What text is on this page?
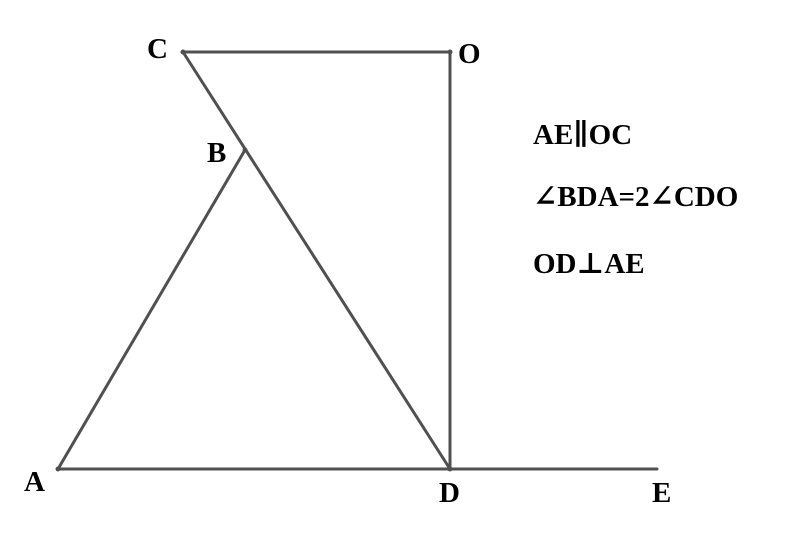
C	O
B
A	D	E
AE∥OC
∠BDA=2∠CDO
OD⊥AE
